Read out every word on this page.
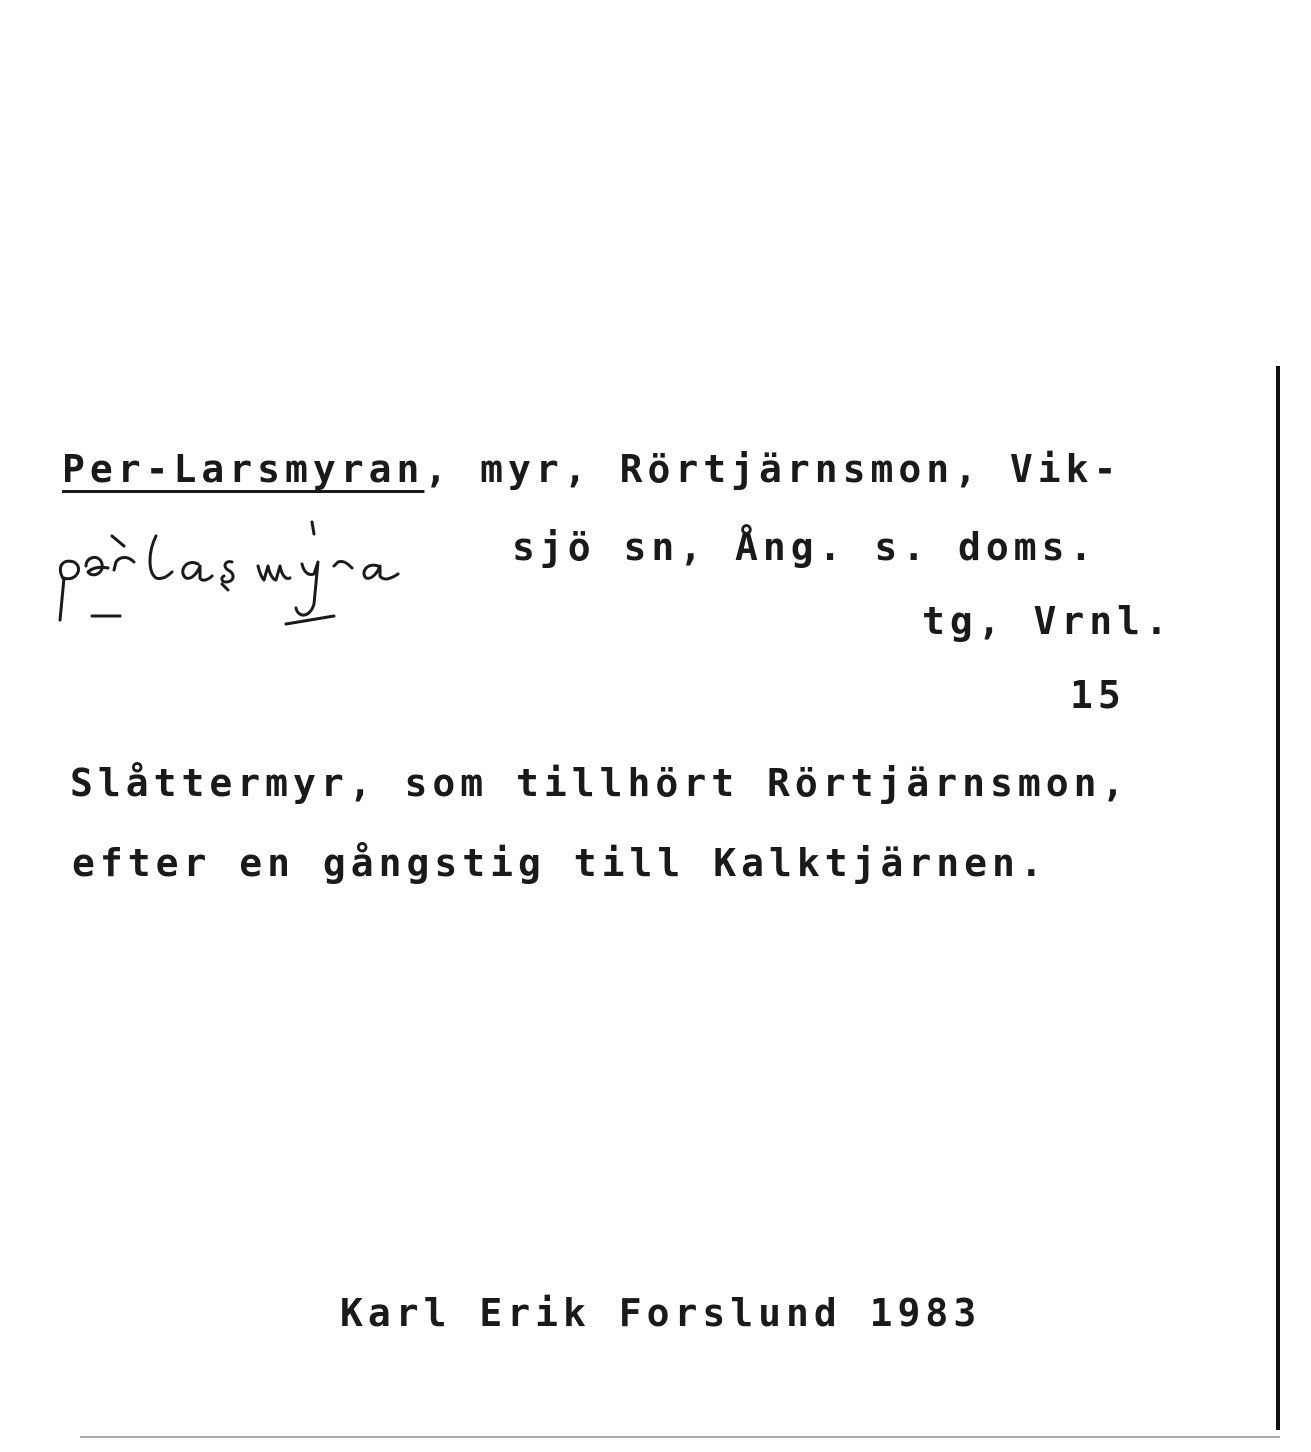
Per-Larsmyran, myr, Rörtjärnsmon, Vik-
sjö sn, Ång. s. doms.
tg, Vrnl.
15
Slåttermyr, som tillhört Rörtjärnsmon,
efter en gångstig till Kalktjärnen.
Karl Erik Forslund 1983
